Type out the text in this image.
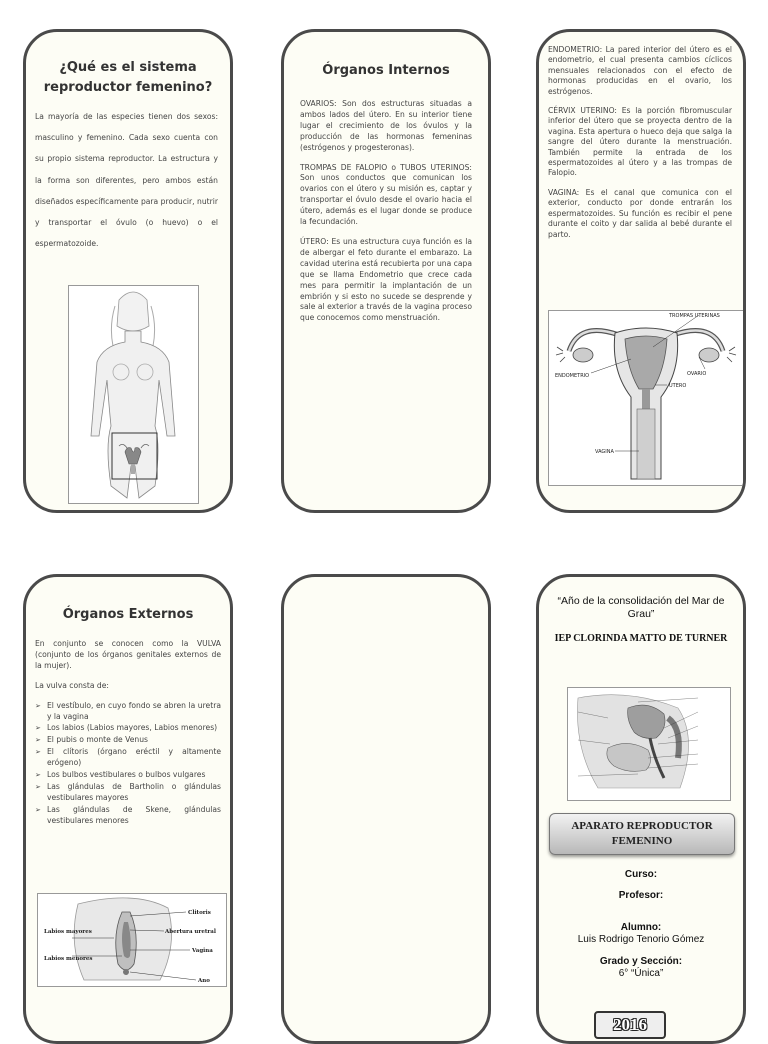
¿Qué es el sistema reproductor femenino?
La mayoría de las especies tienen dos sexos: masculino y femenino. Cada sexo cuenta con su propio sistema reproductor. La estructura y la forma son diferentes, pero ambos están diseñados específicamente para producir, nutrir y transportar el óvulo (o huevo) o el espermatozoide.
Órganos Internos

OVARIOS: Son dos estructuras situadas a ambos lados del útero. En su interior tiene lugar el crecimiento de los óvulos y la producción de las hormonas femeninas (estrógenos y progesteronas).

TROMPAS DE FALOPIO o TUBOS UTERINOS: Son unos conductos que comunican los ovarios con el útero y su misión es, captar y transportar el óvulo desde el ovario hacia el útero, además es el lugar donde se produce la fecundación.

ÚTERO: Es una estructura cuya función es la de albergar el feto durante el embarazo. La cavidad uterina está recubierta por una capa que se llama Endometrio que crece cada mes para permitir la implantación de un embrión y si esto no sucede se desprende y sale al exterior a través de la vagina proceso que conocemos como menstruación.

ENDOMETRIO: La pared interior del útero es el endometrio, el cual presenta cambios cíclicos mensuales relacionados con el efecto de hormonas producidas en el ovario, los estrógenos.

CÉRVIX UTERINO: Es la porción fibromuscular inferior del útero que se proyecta dentro de la vagina. Esta apertura o hueco deja que salga la sangre del útero durante la menstruación. También permite la entrada de los espermatozoides al útero y a las trompas de Falopio.

VAGINA: Es el canal que comunica con el exterior, conducto por donde entrarán los espermatozoides. Su función es recibir el pene durante el coito y dar salida al bebé durante el parto.

TROMPAS UTERINAS
OVARIO
ENDOMETRIO
UTERO
VAGINA
Órganos Externos

En conjunto se conocen como la VULVA (conjunto de los órganos genitales externos de la mujer).

La vulva consta de:

➢ El vestíbulo, en cuyo fondo se abren la uretra y la vagina
➢ Los labios (Labios mayores, Labios menores)
➢ El pubis o monte de Venus
➢ El clítoris (órgano eréctil y altamente erógeno)
➢ Los bulbos vestibulares o bulbos vulgares
➢ Las glándulas de Bartholin o glándulas vestibulares mayores
➢ Las glándulas de Skene, glándulas vestibulares menores
Clitoris
Abertura uretral
Labios mayores
Vagina
Labios menores
Ano
“Año de la consolidación del Mar de Grau”
IEP CLORINDA MATTO DE TURNER
APARATO REPRODUCTOR FEMENINO
Curso:
Profesor:
Alumno:
Luis Rodrigo Tenorio Gómez
Grado y Sección:
6° “Única”
2016
